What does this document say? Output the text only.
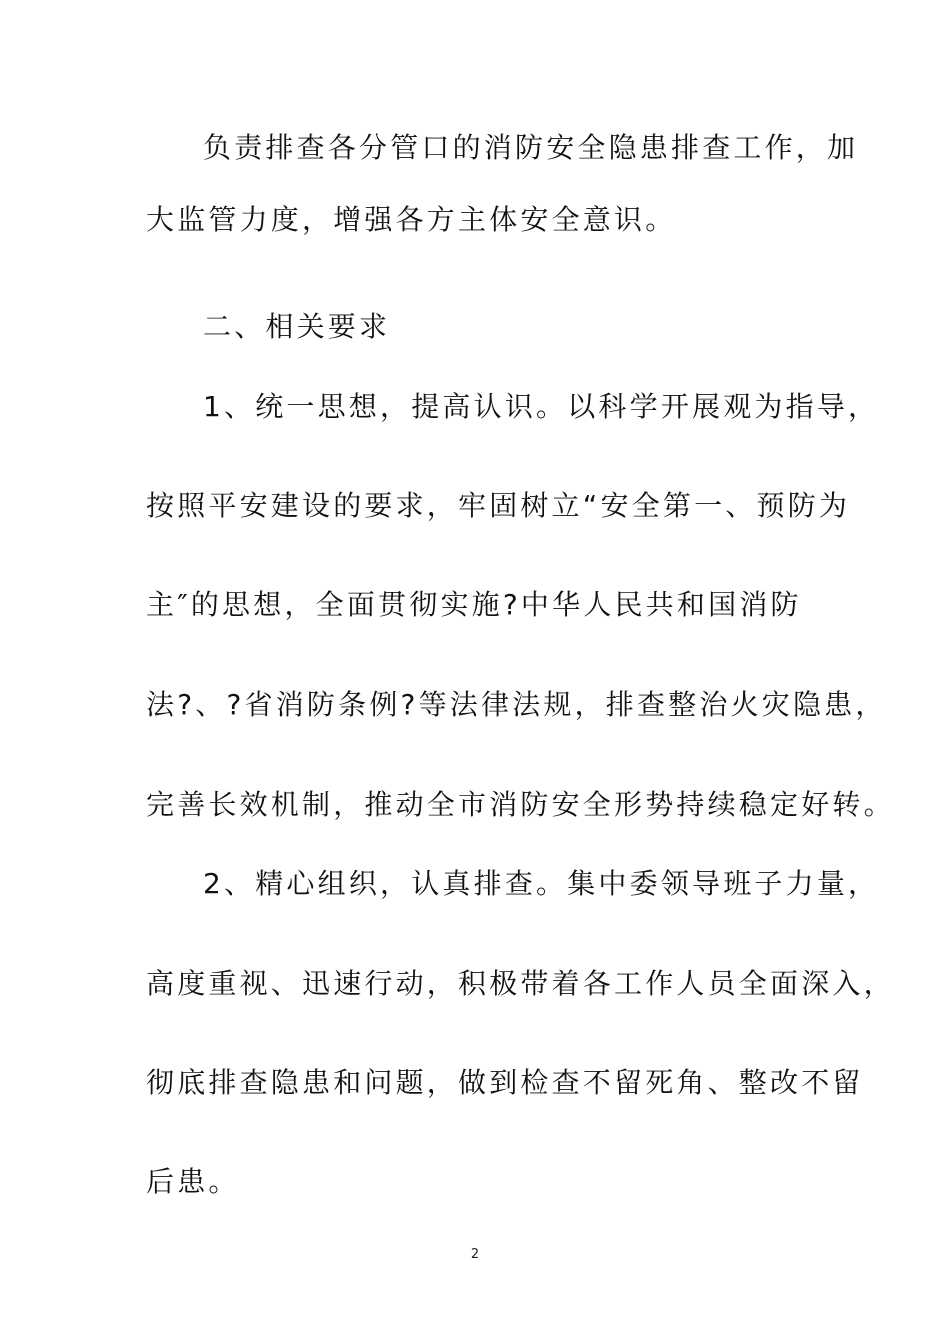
负责排查各分管口的消防安全隐患排查工作，加
大监管力度，增强各方主体安全意识。
二、相关要求
1、统一思想，提高认识。以科学开展观为指导，
按照平安建设的要求，牢固树立“安全第一、预防为
主″的思想，全面贯彻实施?中华人民共和国消防
法?、?省消防条例?等法律法规，排查整治火灾隐患，
完善长效机制，推动全市消防安全形势持续稳定好转。
2、精心组织，认真排查。集中委领导班子力量，
高度重视、迅速行动，积极带着各工作人员全面深入，
彻底排查隐患和问题，做到检查不留死角、整改不留
后患。
2
